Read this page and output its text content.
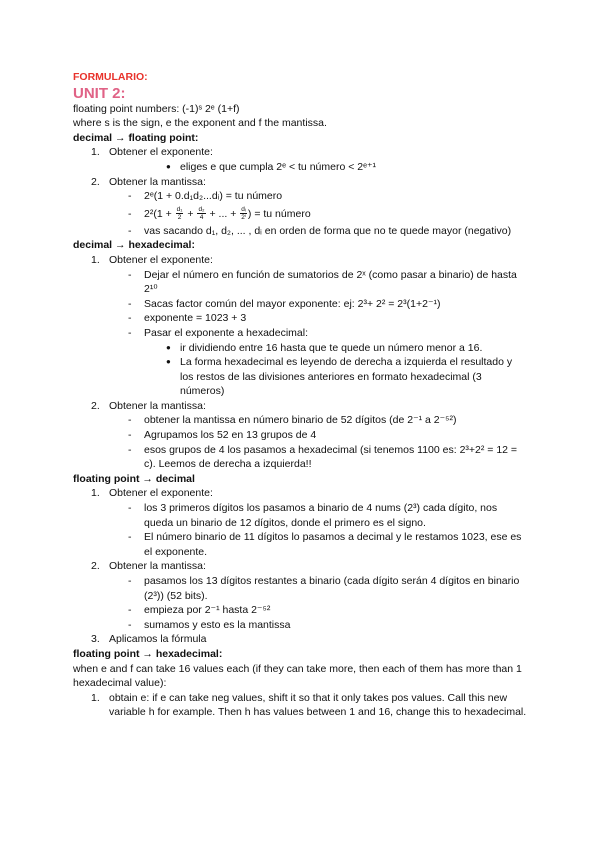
FORMULARIO:
UNIT 2:
floating point numbers: (-1)ˢ 2ᵉ (1+f)
where s is the sign, e the exponent and f the mantissa.
decimal → floating point:
1. Obtener el exponente:
● eliges e que cumpla 2ᵉ < tu número < 2ᵉ⁺¹
2. Obtener la mantissa:
- 2ᵉ(1 + 0.d₁d₂...dᵢ) = tu número
- $2^2(1 + \frac{\text{d₁}}{2} + \frac{\text{d₂}}{4}$ + ... + $\frac{\text{dᵢ}}{\text{2ⁱ}}$ ) = tu número
- vas sacando d₁, d₂, ... , dᵢ en orden de forma que no te quede mayor (negativo)
decimal → hexadecimal:
1. Obtener el exponente:
- Dejar el número en función de sumatorios de 2ˣ (como pasar a binario) de hasta 2¹⁰
- Sacas factor común del mayor exponente: ej: 2³+ 2² = 2³(1+2⁻¹)
- exponente = 1023 + 3
- Pasar el exponente a hexadecimal:
● ir dividiendo entre 16 hasta que te quede un número menor a 16.
● La forma hexadecimal es leyendo de derecha a izquierda el resultado y los restos de las divisiones anteriores en formato hexadecimal (3 números)
2. Obtener la mantissa:
- obtener la mantissa en número binario de 52 dígitos (de 2⁻¹ a 2⁻⁵²)
- Agrupamos los 52 en 13 grupos de 4
- esos grupos de 4 los pasamos a hexadecimal (si tenemos 1100 es: 2³+2² = 12 = c). Leemos de derecha a izquierda!!
floating point → decimal
1. Obtener el exponente:
- los 3 primeros dígitos los pasamos a binario de 4 nums (2³) cada dígito, nos queda un binario de 12 dígitos, donde el primero es el signo.
- El número binario de 11 dígitos lo pasamos a decimal y le restamos 1023, ese es el exponente.
2. Obtener la mantissa:
- pasamos los 13 dígitos restantes a binario (cada dígito serán 4 dígitos en binario (2³)) (52 bits).
- empieza por 2⁻¹ hasta 2⁻⁵²
- sumamos y esto es la mantissa
3. Aplicamos la fórmula
floating point → hexadecimal:
when e and f can take 16 values each (if they can take more, then each of them has more than 1 hexadecimal value):
1. obtain e: if e can take neg values, shift it so that it only takes pos values. Call this new variable h for example. Then h has values between 1 and 16, change this to hexadecimal.
